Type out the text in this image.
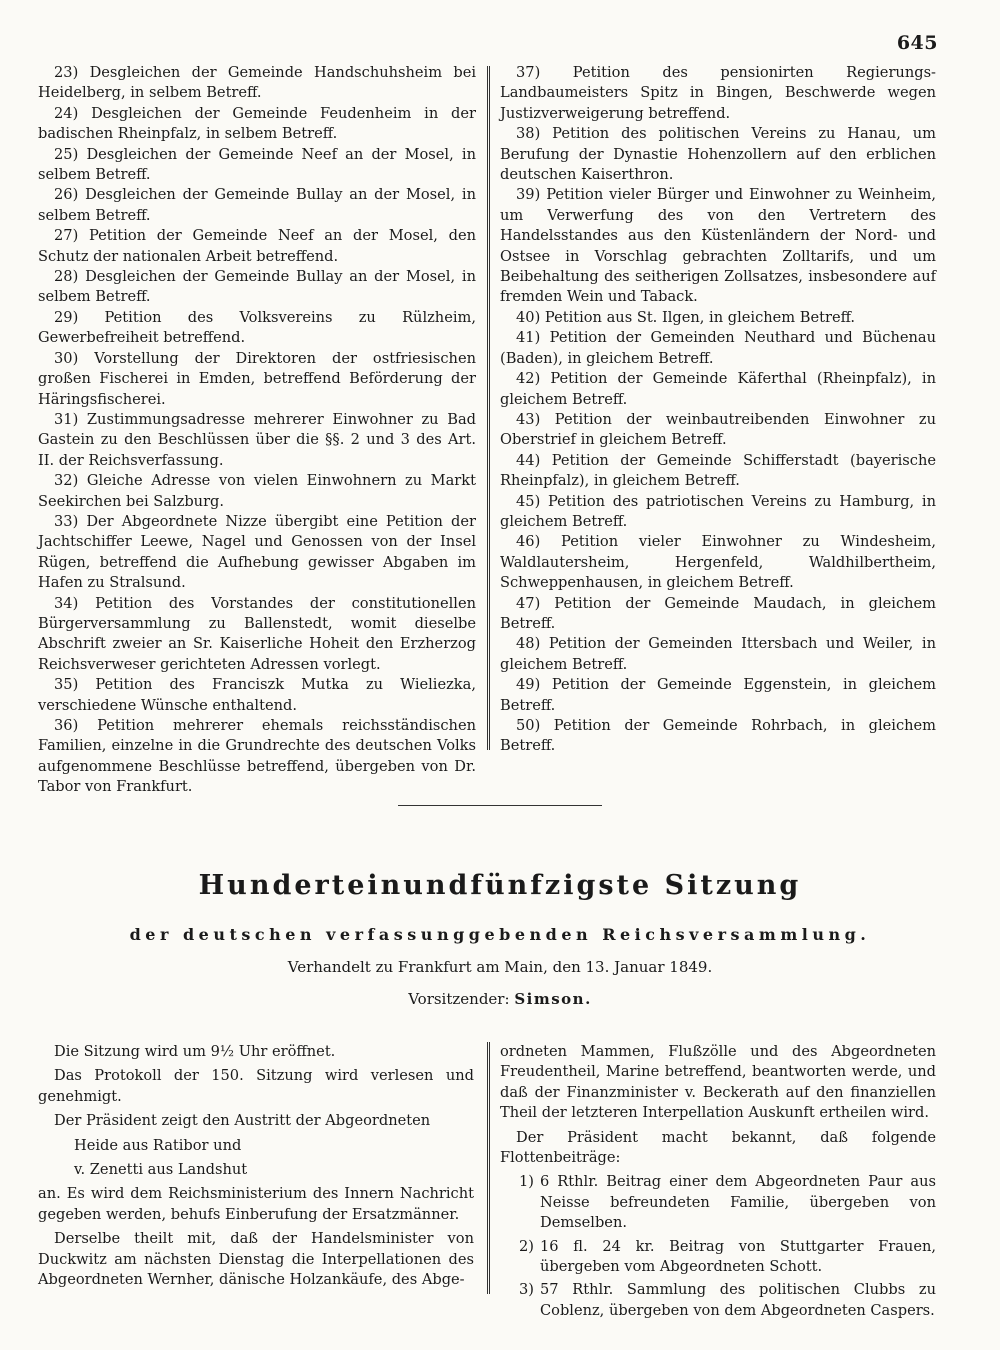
645

23) Desgleichen der Gemeinde Handschuhsheim bei Heidelberg, in selbem Betreff.

24) Desgleichen der Gemeinde Feudenheim in der badischen Rheinpfalz, in selbem Betreff.

25) Desgleichen der Gemeinde Neef an der Mosel, in selbem Betreff.

26) Desgleichen der Gemeinde Bullay an der Mosel, in selbem Betreff.

27) Petition der Gemeinde Neef an der Mosel, den Schutz der nationalen Arbeit betreffend.

28) Desgleichen der Gemeinde Bullay an der Mosel, in selbem Betreff.

29) Petition des Volksvereins zu Rülzheim, Gewerbefreiheit betreffend.

30) Vorstellung der Direktoren der ostfriesischen großen Fischerei in Emden, betreffend Beförderung der Häringsfischerei.

31) Zustimmungsadresse mehrerer Einwohner zu Bad Gastein zu den Beschlüssen über die §§. 2 und 3 des Art. II. der Reichsverfassung.

32) Gleiche Adresse von vielen Einwohnern zu Markt Seekirchen bei Salzburg.

33) Der Abgeordnete Nizze übergibt eine Petition der Jachtschiffer Leewe, Nagel und Genossen von der Insel Rügen, betreffend die Aufhebung gewisser Abgaben im Hafen zu Stralsund.

34) Petition des Vorstandes der constitutionellen Bürgerversammlung zu Ballenstedt, womit dieselbe Abschrift zweier an Sr. Kaiserliche Hoheit den Erzherzog Reichsverweser gerichteten Adressen vorlegt.

35) Petition des Franciszk Mutka zu Wieliezka, verschiedene Wünsche enthaltend.

36) Petition mehrerer ehemals reichsständischen Familien, einzelne in die Grundrechte des deutschen Volks aufgenommene Beschlüsse betreffend, übergeben von Dr. Tabor von Frankfurt.

37) Petition des pensionirten Regierungs-Landbaumeisters Spitz in Bingen, Beschwerde wegen Justizverweigerung betreffend.

38) Petition des politischen Vereins zu Hanau, um Berufung der Dynastie Hohenzollern auf den erblichen deutschen Kaiserthron.

39) Petition vieler Bürger und Einwohner zu Weinheim, um Verwerfung des von den Vertretern des Handelsstandes aus den Küstenländern der Nord- und Ostsee in Vorschlag gebrachten Zolltarifs, und um Beibehaltung des seitherigen Zollsatzes, insbesondere auf fremden Wein und Taback.

40) Petition aus St. Ilgen, in gleichem Betreff.

41) Petition der Gemeinden Neuthard und Büchenau (Baden), in gleichem Betreff.

42) Petition der Gemeinde Käferthal (Rheinpfalz), in gleichem Betreff.

43) Petition der weinbautreibenden Einwohner zu Oberstrief in gleichem Betreff.

44) Petition der Gemeinde Schifferstadt (bayerische Rheinpfalz), in gleichem Betreff.

45) Petition des patriotischen Vereins zu Hamburg, in gleichem Betreff.

46) Petition vieler Einwohner zu Windesheim, Waldlautersheim, Hergenfeld, Waldhilbertheim, Schweppenhausen, in gleichem Betreff.

47) Petition der Gemeinde Maudach, in gleichem Betreff.

48) Petition der Gemeinden Ittersbach und Weiler, in gleichem Betreff.

49) Petition der Gemeinde Eggenstein, in gleichem Betreff.

50) Petition der Gemeinde Rohrbach, in gleichem Betreff.

Hunderteinundfünfzigste Sitzung
der deutschen verfassunggebenden Reichsversammlung.
Verhandelt zu Frankfurt am Main, den 13. Januar 1849.
Vorsitzender: Simson.

Die Sitzung wird um 9½ Uhr eröffnet.

Das Protokoll der 150. Sitzung wird verlesen und genehmigt.

Der Präsident zeigt den Austritt der Abgeordneten

Heide aus Ratibor und

v. Zenetti aus Landshut

an. Es wird dem Reichsministerium des Innern Nachricht gegeben werden, behufs Einberufung der Ersatzmänner.

Derselbe theilt mit, daß der Handelsminister von Duckwitz am nächsten Dienstag die Interpellationen des Abgeordneten Wernher, dänische Holzankäufe, des Abge-

ordneten Mammen, Flußzölle und des Abgeordneten Freudentheil, Marine betreffend, beantworten werde, und daß der Finanzminister v. Beckerath auf den finanziellen Theil der letzteren Interpellation Auskunft ertheilen wird.

Der Präsident macht bekannt, daß folgende Flottenbeiträge:

1) 6 Rthlr. Beitrag einer dem Abgeordneten Paur aus Neisse befreundeten Familie, übergeben von Demselben.
2) 16 fl. 24 kr. Beitrag von Stuttgarter Frauen, übergeben vom Abgeordneten Schott.
3) 57 Rthlr. Sammlung des politischen Clubbs zu Coblenz, übergeben von dem Abgeordneten Caspers.
